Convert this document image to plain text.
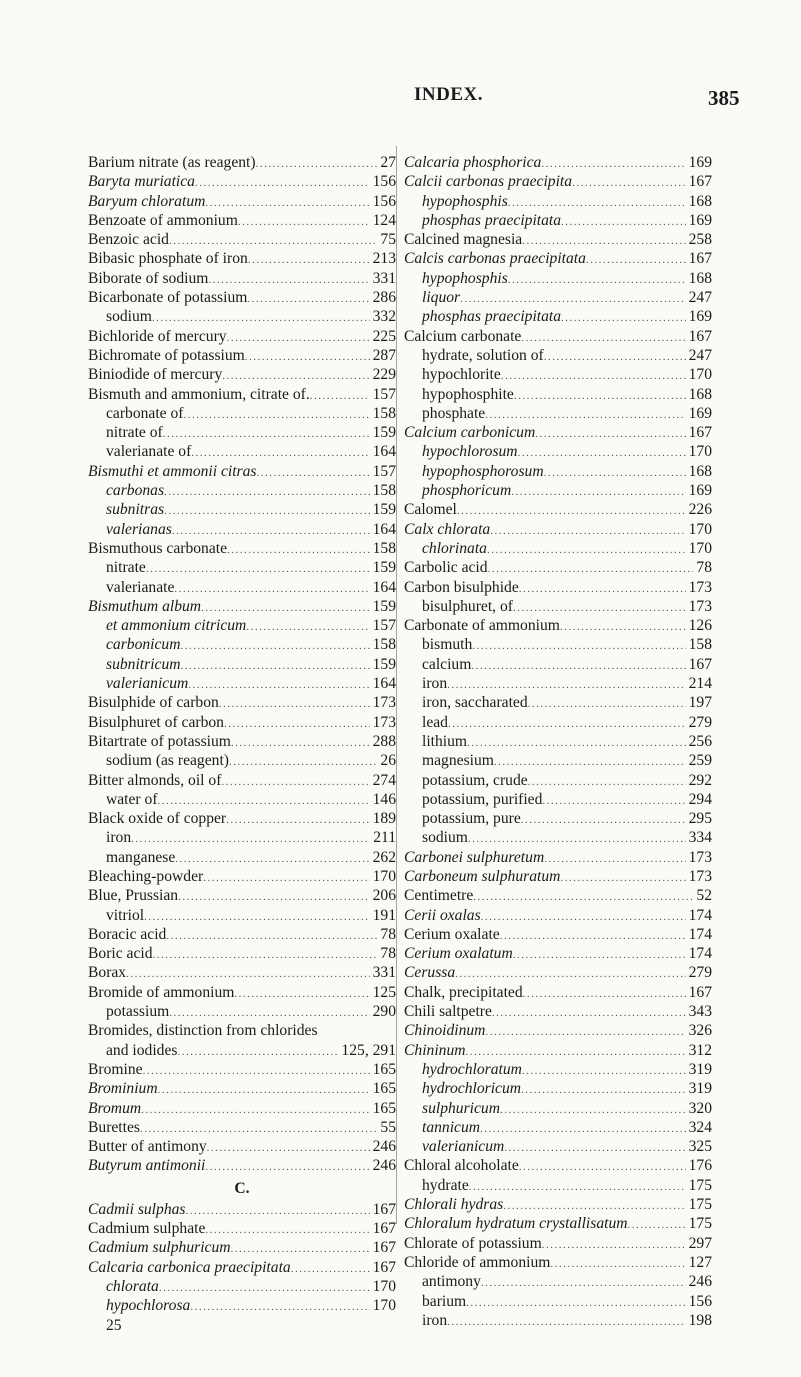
INDEX.	385
Barium nitrate (as reagent) .....	27
Baryta muriatica .....	156
Baryum chloratum .....	156
Benzoate of ammonium .....	124
Benzoic acid .....	75
Bibasic phosphate of iron .....	213
Biborate of sodium .....	331
Bicarbonate of potassium .....	286
sodium .....	332
Bichloride of mercury .....	225
Bichromate of potassium .....	287
Biniodide of mercury .....	229
Bismuth and ammonium, citrate of. .....	157
carbonate of .....	158
nitrate of .....	159
valerianate of .....	164
Bismuthi et ammonii citras .....	157
carbonas .....	158
subnitras .....	159
valerianas .....	164
Bismuthous carbonate .....	158
nitrate .....	159
valerianate .....	164
Bismuthum album .....	159
et ammonium citricum .....	157
carbonicum .....	158
subnitricum .....	159
valerianicum .....	164
Bisulphide of carbon .....	173
Bisulphuret of carbon .....	173
Bitartrate of potassium .....	288
sodium (as reagent) .....	26
Bitter almonds, oil of .....	274
water of .....	146
Black oxide of copper .....	189
iron .....	211
manganese .....	262
Bleaching-powder .....	170
Blue, Prussian .....	206
vitriol .....	191
Boracic acid .....	78
Boric acid .....	78
Borax .....	331
Bromide of ammonium .....	125
potassium .....	290
Bromides, distinction from chlorides
and iodides .....	125, 291
Bromine .....	165
Brominium .....	165
Bromum .....	165
Burettes .....	55
Butter of antimony .....	246
Butyrum antimonii .....	246
C.
Cadmii sulphas .....	167
Cadmium sulphate .....	167
Cadmium sulphuricum .....	167
Calcaria carbonica praecipitata .....	167
chlorata .....	170
hypochlorosa .....	170
25
Calcaria phosphorica .....	169
Calcii carbonas praecipita .....	167
hypophosphis .....	168
phosphas praecipitata .....	169
Calcined magnesia .....	258
Calcis carbonas praecipitata .....	167
hypophosphis .....	168
liquor .....	247
phosphas praecipitata .....	169
Calcium carbonate .....	167
hydrate, solution of .....	247
hypochlorite .....	170
hypophosphite .....	168
phosphate .....	169
Calcium carbonicum .....	167
hypochlorosum .....	170
hypophosphorosum .....	168
phosphoricum .....	169
Calomel .....	226
Calx chlorata .....	170
chlorinata .....	170
Carbolic acid .....	78
Carbon bisulphide .....	173
bisulphuret, of .....	173
Carbonate of ammonium .....	126
bismuth .....	158
calcium .....	167
iron .....	214
iron, saccharated .....	197
lead .....	279
lithium .....	256
magnesium .....	259
potassium, crude .....	292
potassium, purified .....	294
potassium, pure .....	295
sodium .....	334
Carbonei sulphuretum .....	173
Carboneum sulphuratum .....	173
Centimetre .....	52
Cerii oxalas .....	174
Cerium oxalate .....	174
Cerium oxalatum .....	174
Cerussa .....	279
Chalk, precipitated .....	167
Chili saltpetre .....	343
Chinoidinum .....	326
Chininum .....	312
hydrochloratum .....	319
hydrochloricum .....	319
sulphuricum .....	320
tannicum .....	324
valerianicum .....	325
Chloral alcoholate .....	176
hydrate .....	175
Chlorali hydras .....	175
Chloralum hydratum crystallisatum .....	175
Chlorate of potassium .....	297
Chloride of ammonium .....	127
antimony .....	246
barium .....	156
iron .....	198
